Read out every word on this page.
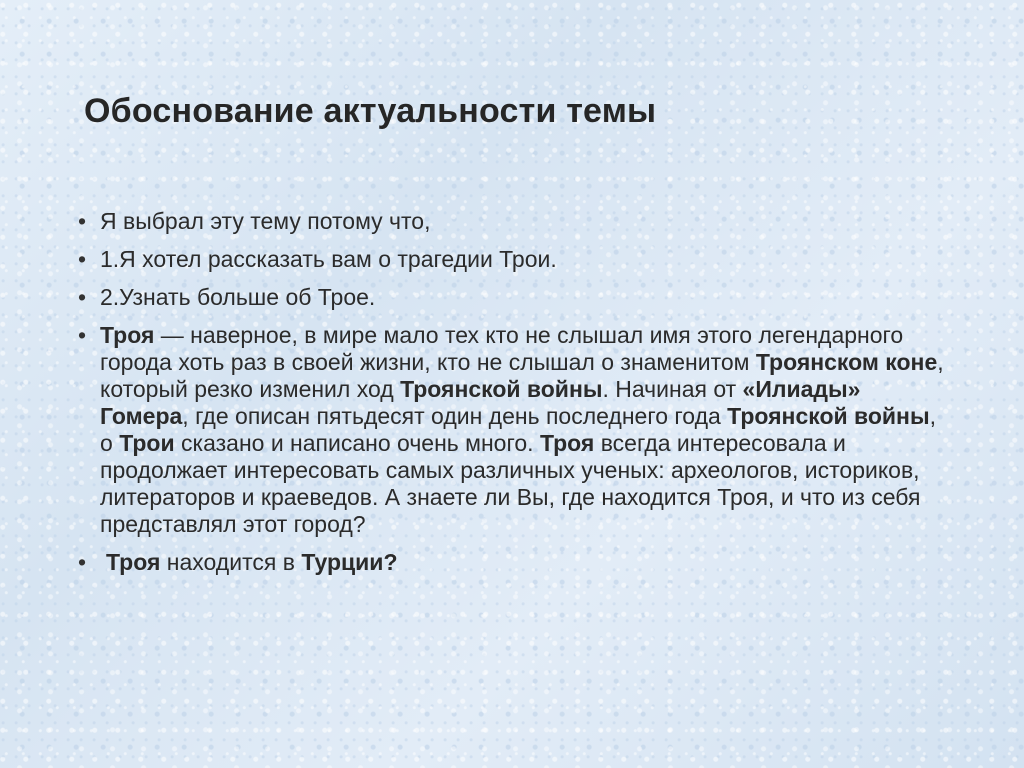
Обоснование актуальности темы
• Я выбрал эту тему потому что,
• 1.Я хотел рассказать вам о трагедии Трои.
• 2.Узнать больше об Трое.
• Троя — наверное, в мире мало тех кто не слышал имя этого легендарного города хоть раз в своей жизни, кто не слышал о знаменитом Троянском коне, который резко изменил ход Троянской войны. Начиная от «Илиады» Гомера, где описан пятьдесят один день последнего года Троянской войны, о Трои сказано и написано очень много. Троя всегда интересовала и продолжает интересовать самых различных ученых: археологов, историков, литераторов и краеведов. А знаете ли Вы, где находится Троя, и что из себя представлял этот город?
• Троя находится в Турции?
